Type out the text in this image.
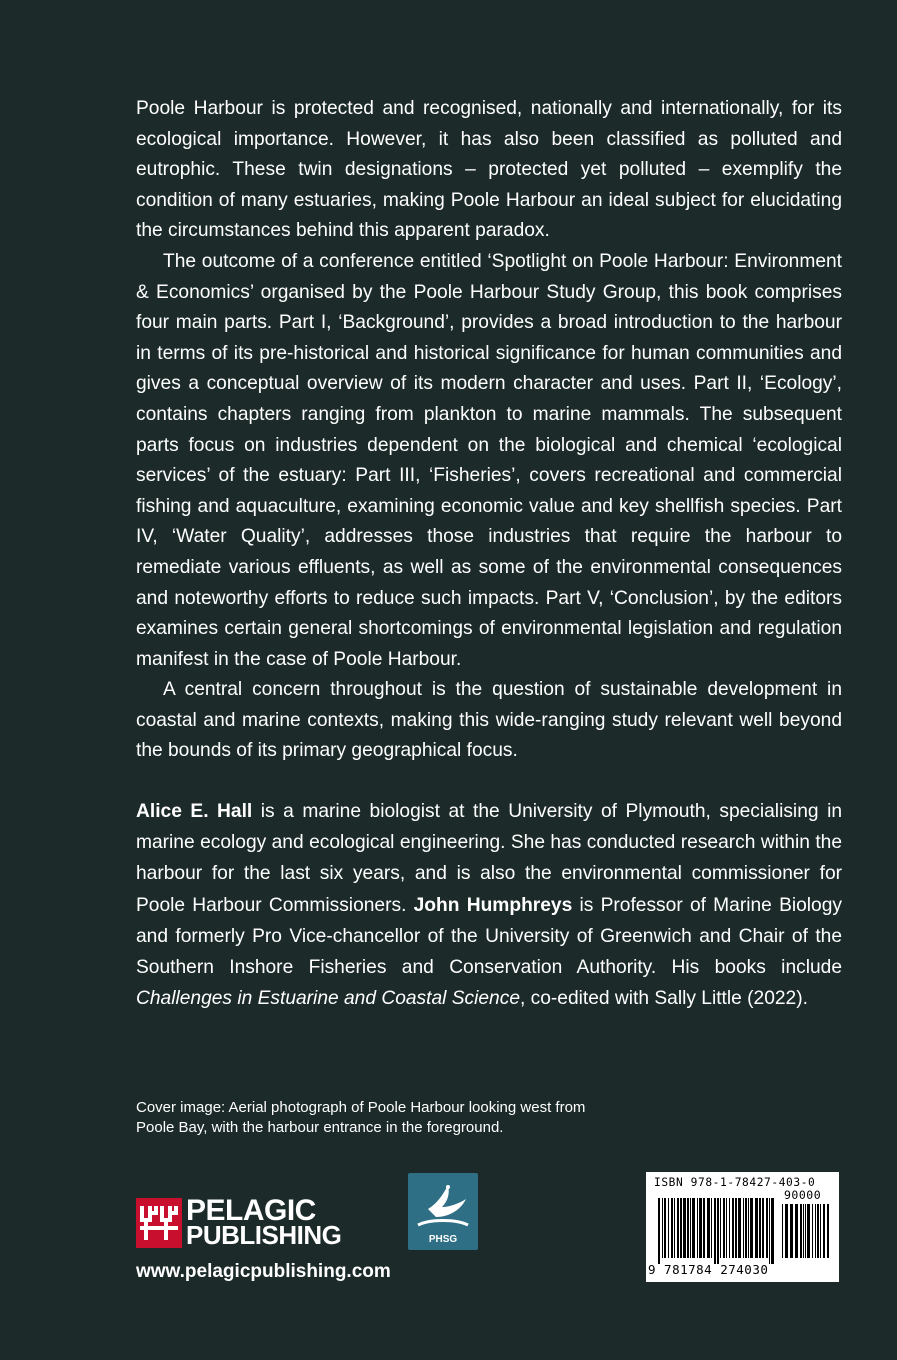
Poole Harbour is protected and recognised, nationally and internationally, for its ecological importance. However, it has also been classified as polluted and eutrophic. These twin designations – protected yet polluted – exemplify the condition of many estuaries, making Poole Harbour an ideal subject for elucidating the circumstances behind this apparent paradox.

The outcome of a conference entitled ‘Spotlight on Poole Harbour: Environment & Economics’ organised by the Poole Harbour Study Group, this book comprises four main parts. Part I, ‘Background’, provides a broad introduction to the harbour in terms of its pre-historical and historical significance for human communities and gives a conceptual overview of its modern character and uses. Part II, ‘Ecology’, contains chapters ranging from plankton to marine mammals. The subsequent parts focus on industries dependent on the biological and chemical ‘ecological services’ of the estuary: Part III, ‘Fisheries’, covers recreational and commercial fishing and aquaculture, examining economic value and key shellfish species. Part IV, ‘Water Quality’, addresses those industries that require the harbour to remediate various effluents, as well as some of the environmental consequences and noteworthy efforts to reduce such impacts. Part V, ‘Conclusion’, by the editors examines certain general shortcomings of environmental legislation and regulation manifest in the case of Poole Harbour.

A central concern throughout is the question of sustainable development in coastal and marine contexts, making this wide-ranging study relevant well beyond the bounds of its primary geographical focus.

Alice E. Hall is a marine biologist at the University of Plymouth, specialising in marine ecology and ecological engineering. She has conducted research within the harbour for the last six years, and is also the environmental commissioner for Poole Harbour Commissioners. John Humphreys is Professor of Marine Biology and formerly Pro Vice-chancellor of the University of Greenwich and Chair of the Southern Inshore Fisheries and Conservation Authority. His books include Challenges in Estuarine and Coastal Science, co-edited with Sally Little (2022).
Cover image: Aerial photograph of Poole Harbour looking west from Poole Bay, with the harbour entrance in the foreground.
PELAGIC
PUBLISHING
www.pelagicpublishing.com
PHSG
ISBN 978-1-78427-403-0
90000
9 781784 274030
